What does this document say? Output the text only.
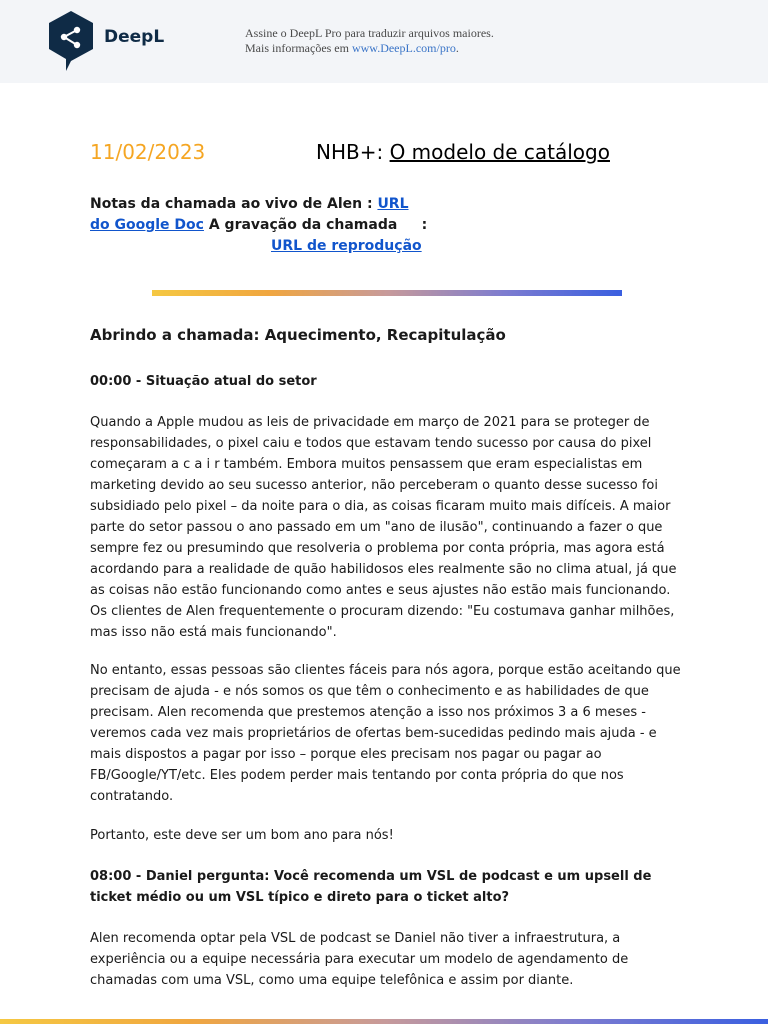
DeepL	Assine o DeepL Pro para traduzir arquivos maiores.
Mais informações em www.DeepL.com/pro.
11/02/2023	NHB+: O modelo de catálogo
Notas da chamada ao vivo de Alen : URL
do Google Doc A gravação da chamada     :
URL de reprodução
Abrindo a chamada: Aquecimento, Recapitulação
00:00 - Situação atual do setor
Quando a Apple mudou as leis de privacidade em março de 2021 para se proteger de responsabilidades, o pixel caiu e todos que estavam tendo sucesso por causa do pixel começaram a c a i r também. Embora muitos pensassem que eram especialistas em marketing devido ao seu sucesso anterior, não perceberam o quanto desse sucesso foi subsidiado pelo pixel – da noite para o dia, as coisas ficaram muito mais difíceis. A maior parte do setor passou o ano passado em um "ano de ilusão", continuando a fazer o que sempre fez ou presumindo que resolveria o problema por conta própria, mas agora está acordando para a realidade de quão habilidosos eles realmente são no clima atual, já que as coisas não estão funcionando como antes e seus ajustes não estão mais funcionando. Os clientes de Alen frequentemente o procuram dizendo: "Eu costumava ganhar milhões, mas isso não está mais funcionando".
No entanto, essas pessoas são clientes fáceis para nós agora, porque estão aceitando que precisam de ajuda - e nós somos os que têm o conhecimento e as habilidades de que precisam. Alen recomenda que prestemos atenção a isso nos próximos 3 a 6 meses - veremos cada vez mais proprietários de ofertas bem-sucedidas pedindo mais ajuda - e mais dispostos a pagar por isso – porque eles precisam nos pagar ou pagar ao FB/Google/YT/etc. Eles podem perder mais tentando por conta própria do que nos contratando.
Portanto, este deve ser um bom ano para nós!
08:00 - Daniel pergunta: Você recomenda um VSL de podcast e um upsell de ticket médio ou um VSL típico e direto para o ticket alto?
Alen recomenda optar pela VSL de podcast se Daniel não tiver a infraestrutura, a experiência ou a equipe necessária para executar um modelo de agendamento de chamadas com uma VSL, como uma equipe telefônica e assim por diante.
